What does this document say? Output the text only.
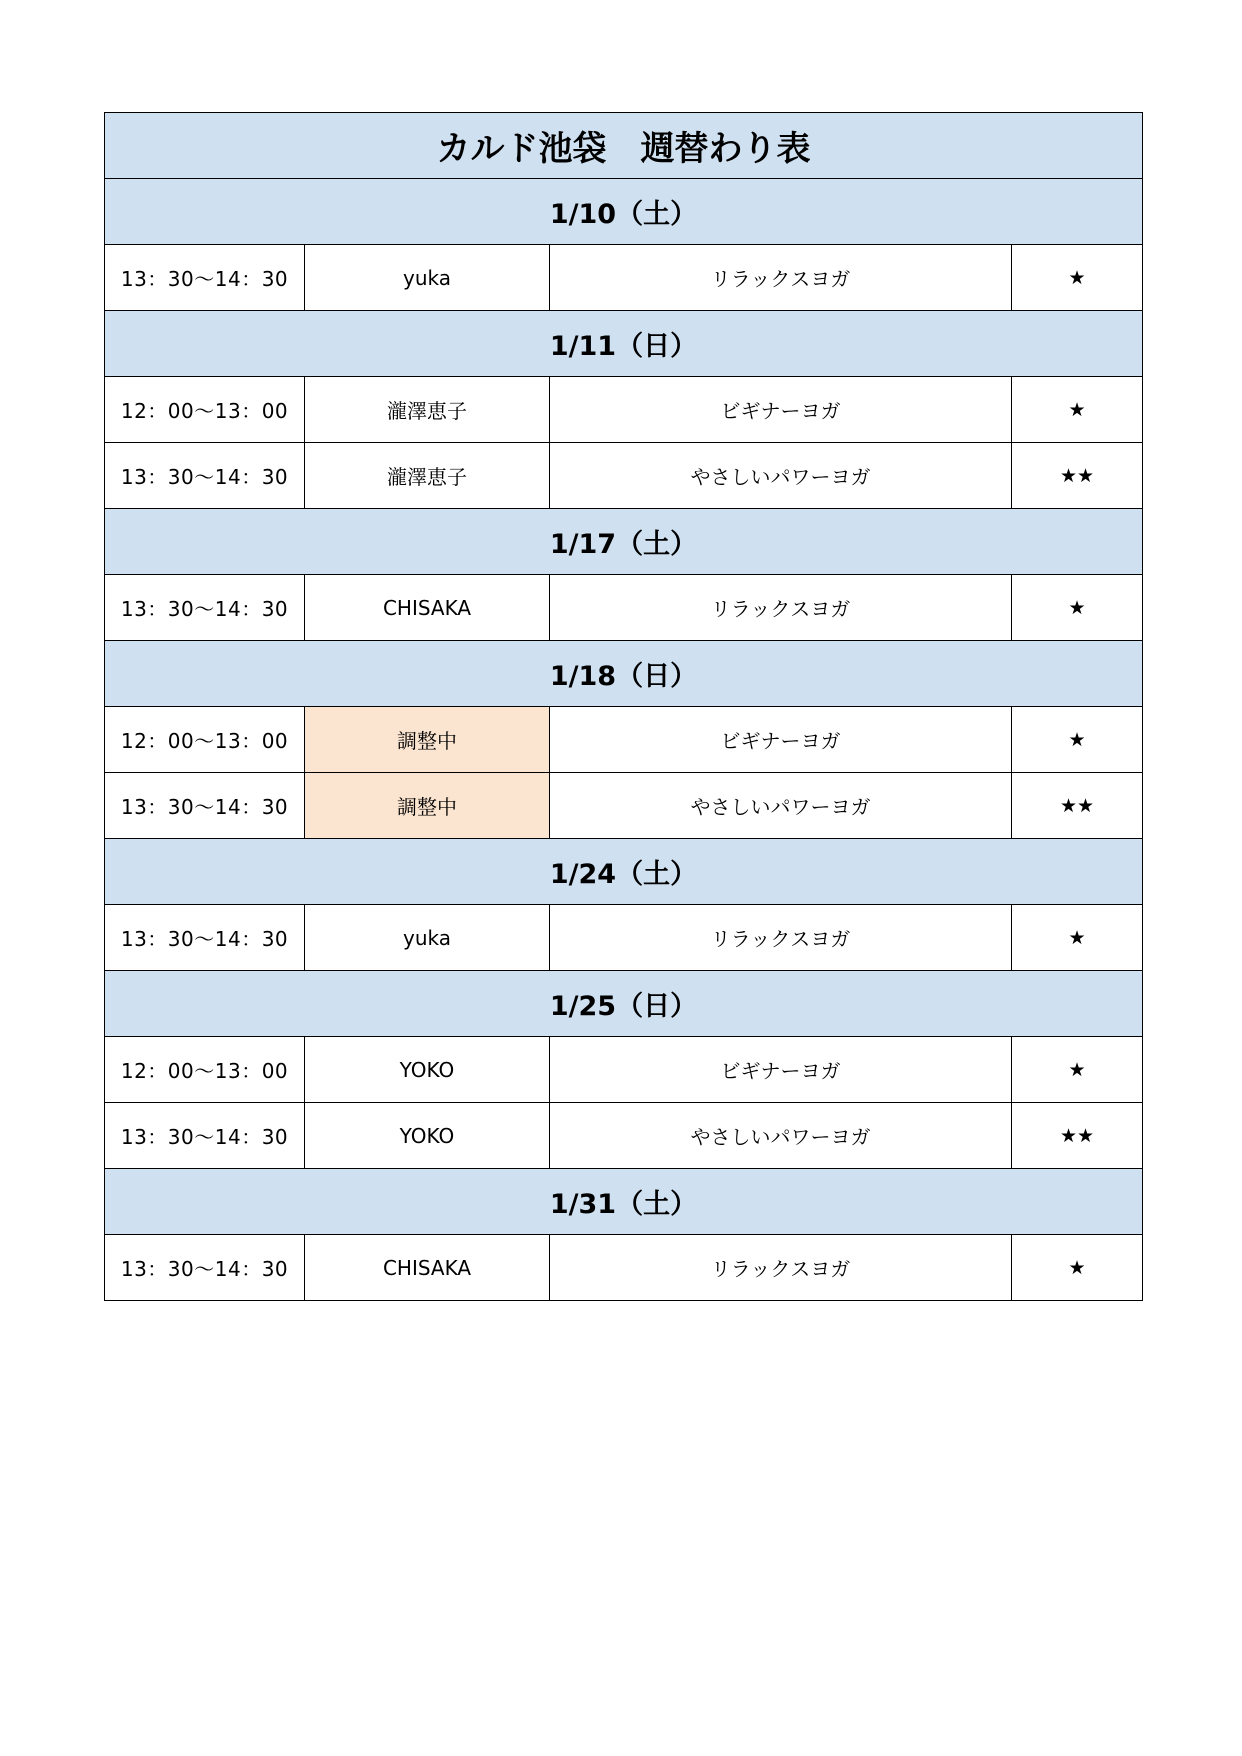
カルド池袋　週替わり表			
1/10（土）			
13：30～14：30	yuka	リラックスヨガ	★
1/11（日）			
12：00～13：00	瀧澤恵子	ビギナーヨガ	★
13：30～14：30	瀧澤恵子	やさしいパワーヨガ	★★
1/17（土）			
13：30～14：30	CHISAKA	リラックスヨガ	★
1/18（日）			
12：00～13：00	調整中	ビギナーヨガ	★
13：30～14：30	調整中	やさしいパワーヨガ	★★
1/24（土）			
13：30～14：30	yuka	リラックスヨガ	★
1/25（日）			
12：00～13：00	YOKO	ビギナーヨガ	★
13：30～14：30	YOKO	やさしいパワーヨガ	★★
1/31（土）			
13：30～14：30	CHISAKA	リラックスヨガ	★
